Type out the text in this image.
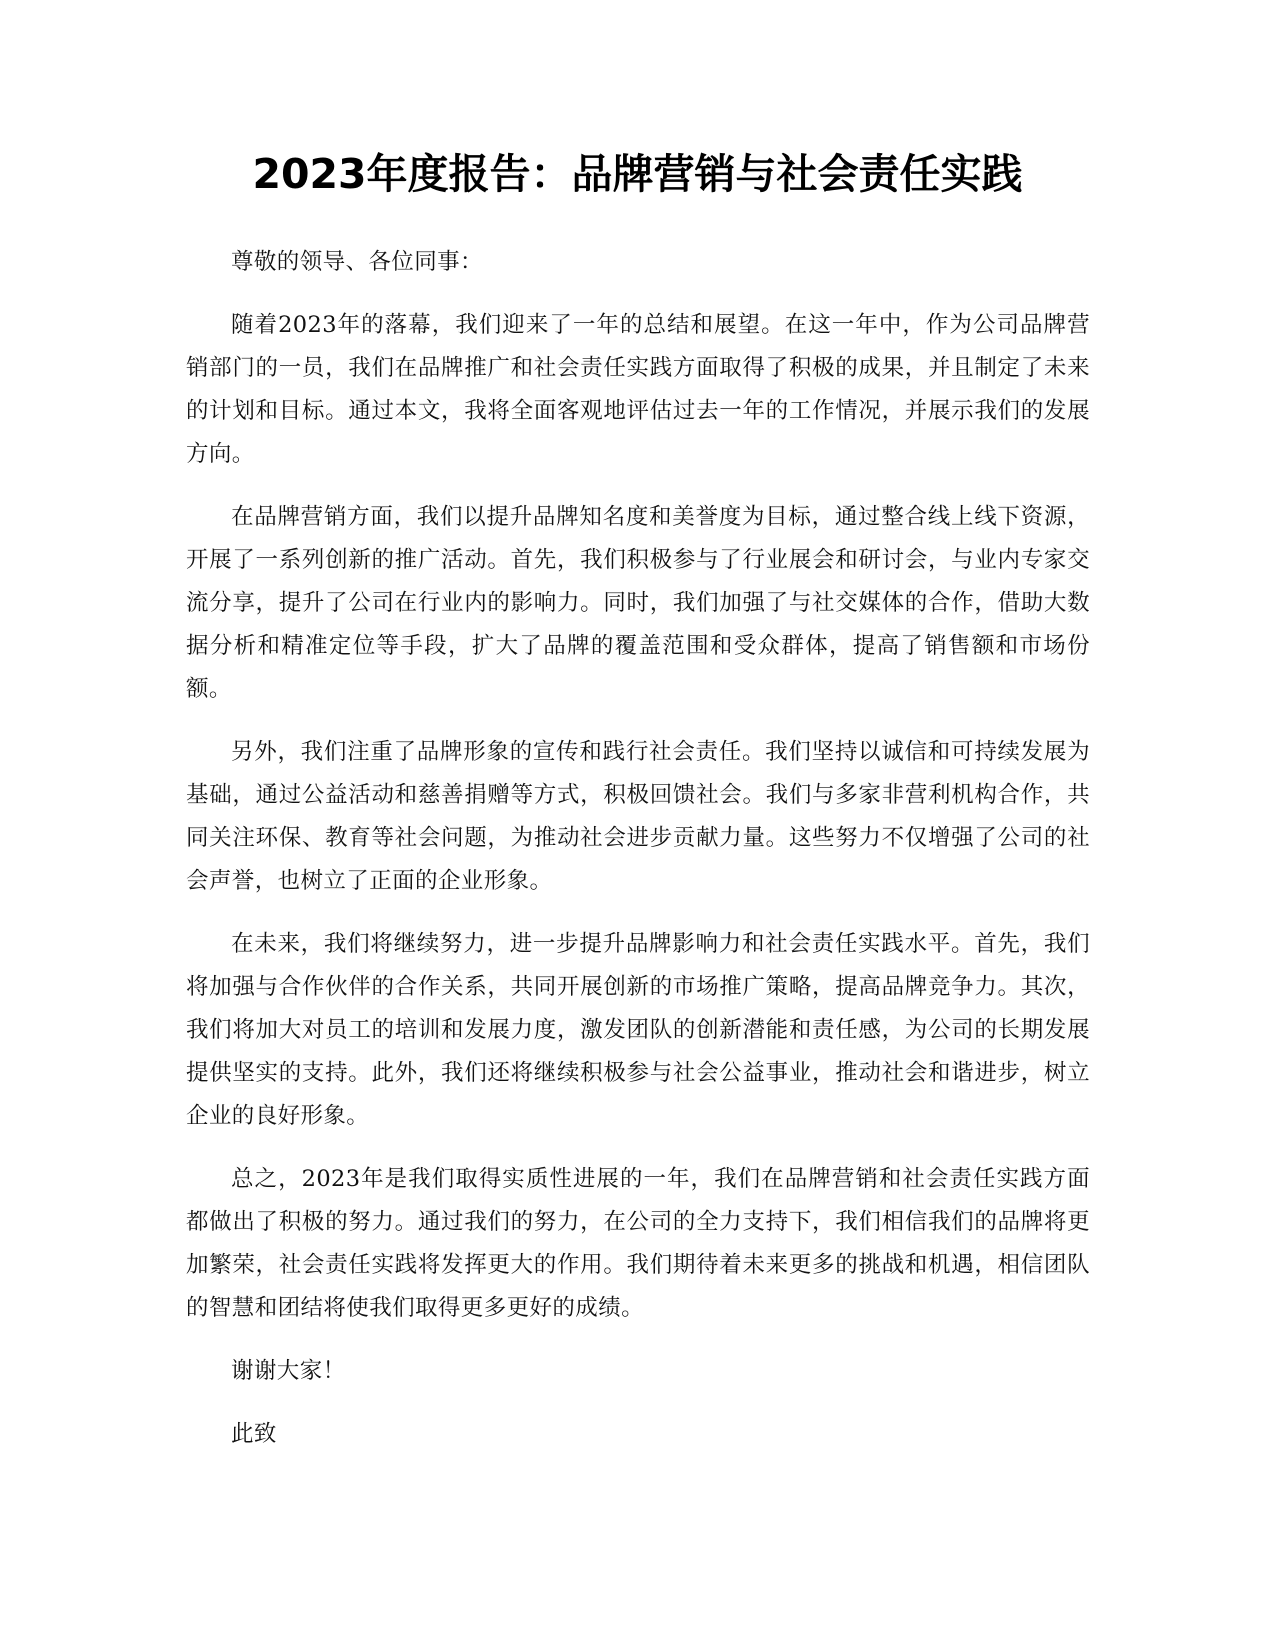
2023年度报告：品牌营销与社会责任实践

尊敬的领导、各位同事：

随着2023年的落幕，我们迎来了一年的总结和展望。在这一年中，作为公司品牌营销部门的一员，我们在品牌推广和社会责任实践方面取得了积极的成果，并且制定了未来的计划和目标。通过本文，我将全面客观地评估过去一年的工作情况，并展示我们的发展方向。

在品牌营销方面，我们以提升品牌知名度和美誉度为目标，通过整合线上线下资源，开展了一系列创新的推广活动。首先，我们积极参与了行业展会和研讨会，与业内专家交流分享，提升了公司在行业内的影响力。同时，我们加强了与社交媒体的合作，借助大数据分析和精准定位等手段，扩大了品牌的覆盖范围和受众群体，提高了销售额和市场份额。

另外，我们注重了品牌形象的宣传和践行社会责任。我们坚持以诚信和可持续发展为基础，通过公益活动和慈善捐赠等方式，积极回馈社会。我们与多家非营利机构合作，共同关注环保、教育等社会问题，为推动社会进步贡献力量。这些努力不仅增强了公司的社会声誉，也树立了正面的企业形象。

在未来，我们将继续努力，进一步提升品牌影响力和社会责任实践水平。首先，我们将加强与合作伙伴的合作关系，共同开展创新的市场推广策略，提高品牌竞争力。其次，我们将加大对员工的培训和发展力度，激发团队的创新潜能和责任感，为公司的长期发展提供坚实的支持。此外，我们还将继续积极参与社会公益事业，推动社会和谐进步，树立企业的良好形象。

总之，2023年是我们取得实质性进展的一年，我们在品牌营销和社会责任实践方面都做出了积极的努力。通过我们的努力，在公司的全力支持下，我们相信我们的品牌将更加繁荣，社会责任实践将发挥更大的作用。我们期待着未来更多的挑战和机遇，相信团队的智慧和团结将使我们取得更多更好的成绩。

谢谢大家！

此致
